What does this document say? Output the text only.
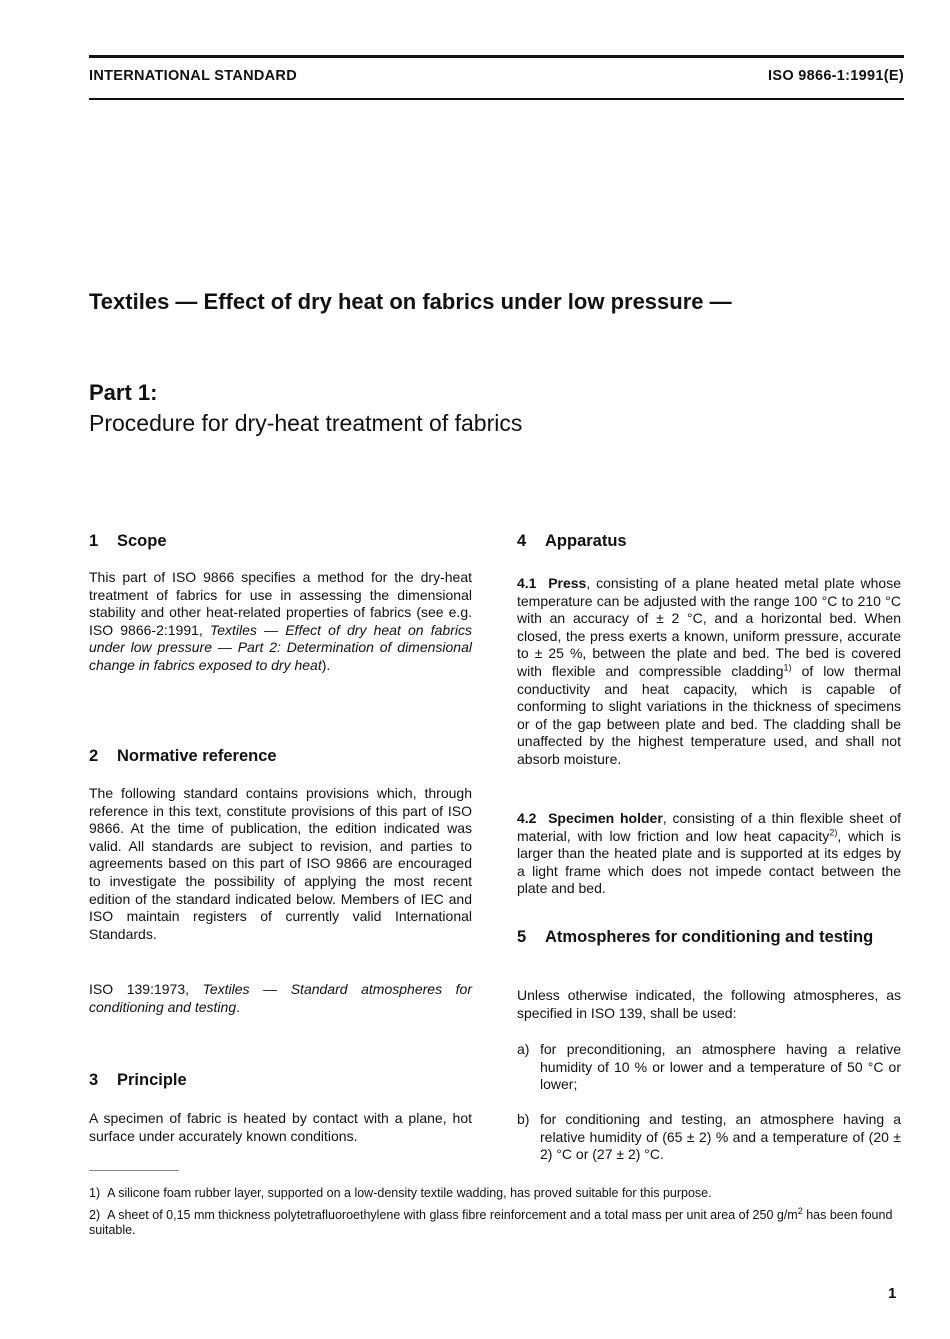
INTERNATIONAL STANDARD	ISO 9866-1:1991(E)
Textiles — Effect of dry heat on fabrics under low pressure —
Part 1:
Procedure for dry-heat treatment of fabrics
1 Scope
This part of ISO 9866 specifies a method for the dry-heat treatment of fabrics for use in assessing the dimensional stability and other heat-related properties of fabrics (see e.g. ISO 9866-2:1991, Textiles — Effect of dry heat on fabrics under low pressure — Part 2: Determination of dimensional change in fabrics exposed to dry heat).
2 Normative reference
The following standard contains provisions which, through reference in this text, constitute provisions of this part of ISO 9866. At the time of publication, the edition indicated was valid. All standards are subject to revision, and parties to agreements based on this part of ISO 9866 are encouraged to investigate the possibility of applying the most recent edition of the standard indicated below. Members of IEC and ISO maintain registers of currently valid International Standards.
ISO 139:1973, Textiles — Standard atmospheres for conditioning and testing.
3 Principle
A specimen of fabric is heated by contact with a plane, hot surface under accurately known conditions.
4 Apparatus
4.1 Press, consisting of a plane heated metal plate whose temperature can be adjusted with the range 100 °C to 210 °C with an accuracy of ± 2 °C, and a horizontal bed. When closed, the press exerts a known, uniform pressure, accurate to ± 25 %, between the plate and bed. The bed is covered with flexible and compressible cladding$^{1)}$ of low thermal conductivity and heat capacity, which is capable of conforming to slight variations in the thickness of specimens or of the gap between plate and bed. The cladding shall be unaffected by the highest temperature used, and shall not absorb moisture.
4.2 Specimen holder, consisting of a thin flexible sheet of material, with low friction and low heat capacity$^{2)}$, which is larger than the heated plate and is supported at its edges by a light frame which does not impede contact between the plate and bed.
5 Atmospheres for conditioning and testing
Unless otherwise indicated, the following atmospheres, as specified in ISO 139, shall be used:
a) for preconditioning, an atmosphere having a relative humidity of 10 % or lower and a temperature of 50 °C or lower;
b) for conditioning and testing, an atmosphere having a relative humidity of (65 ± 2) % and a temperature of (20 ± 2) °C or (27 ± 2) °C.
1) A silicone foam rubber layer, supported on a low-density textile wadding, has proved suitable for this purpose.
2) A sheet of 0,15 mm thickness polytetrafluoroethylene with glass fibre reinforcement and a total mass per unit area of 250 $g/m^2$ has been found suitable.
1
